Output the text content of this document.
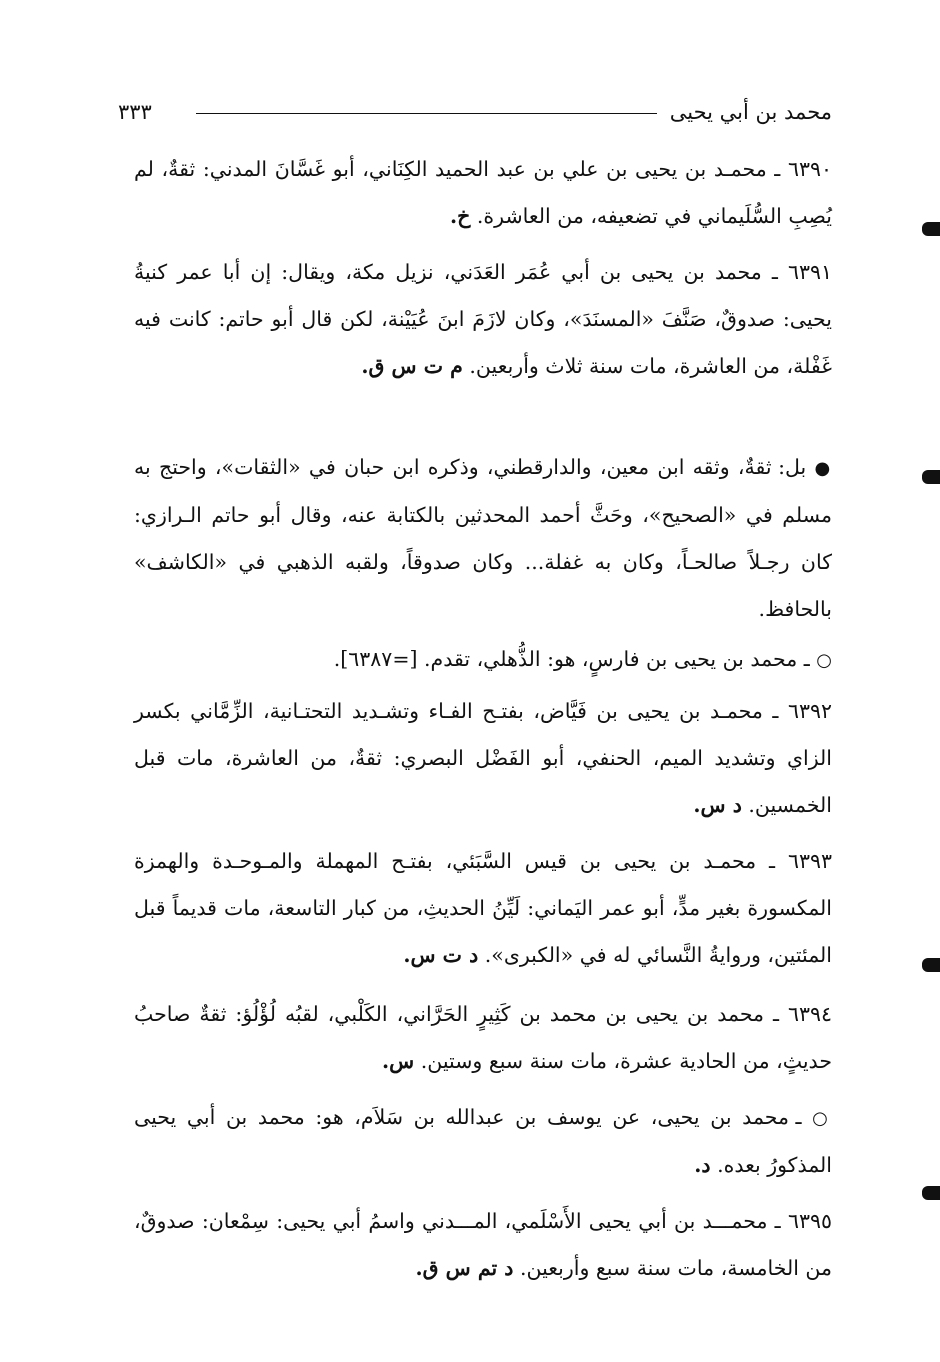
محمد بن أبي يحيى
٣٣٣

٦٣٩٠ ـ محمـد بن يحيى بن علي بن عبد الحميد الكِنَاني، أبو غَسَّانَ المدني: ثقةٌ، لم يُصِبِ السُّلَيماني في تضعيفه، من العاشرة. خ.

٦٣٩١ ـ محمد بن يحيى بن أبي عُمَر العَدَني، نزيل مكة، ويقال: إن أبا عمر كنيةُ يحيى: صدوقٌ، صَنَّفَ «المسنَدَ»، وكان لازَمَ ابنَ عُيَيْنة، لكن قال أبو حاتم: كانت فيه غَفْلة، من العاشرة، مات سنة ثلاث وأربعين. م ت س ق.

● بل: ثقةٌ، وثقه ابن معين، والدارقطني، وذكره ابن حبان في «الثقات»، واحتج به مسلم في «الصحيح»، وحَثَّ أحمد المحدثين بالكتابة عنه، وقال أبو حاتم الـرازي: كان رجـلاً صالحـاً، وكان به غفلة... وكان صدوقاً، ولقبه الذهبي في «الكاشف» بالحافظ.

○ ـ محمد بن يحيى بن فارسٍ، هو: الذُّهلي، تقدم. [=٦٣٨٧].

٦٣٩٢ ـ محمـد بن يحيى بن فَيَّاض، بفتـح الفـاء وتشـديد التحتـانية، الزِّمَّاني بكسر الزاي وتشديد الميم، الحنفي، أبو الفَضْل البصري: ثقةٌ، من العاشرة، مات قبل الخمسين. د س.

٦٣٩٣ ـ محمـد بن يحيى بن قيس السَّبَئي، بفتـح المهملة والمـوحـدة والهمزة المكسورة بغير مدٍّ، أبو عمر اليَماني: لَيِّنُ الحديثِ، من كبار التاسعة، مات قديماً قبل المئتين، وروايةُ النَّسائي له في «الكبرى». د ت س.

٦٣٩٤ ـ محمد بن يحيى بن محمد بن كَثِيرٍ الحَرَّاني، الكَلْبي، لقبُه لُؤْلُؤ: ثقةٌ صاحبُ حديثٍ، من الحادية عشرة، مات سنة سبع وستين. س.

○ ـ محمد بن يحيى، عن يوسف بن عبدالله بن سَلاَم، هو: محمد بن أبي يحيى المذكورُ بعده. د.

٦٣٩٥ ـ محمـــد بن أبي يحيى الأَسْلَمي، المـــدني واسمُ أبي يحيى: سِمْعان: صدوقٌ، من الخامسة، مات سنة سبع وأربعين. د تم س ق.
